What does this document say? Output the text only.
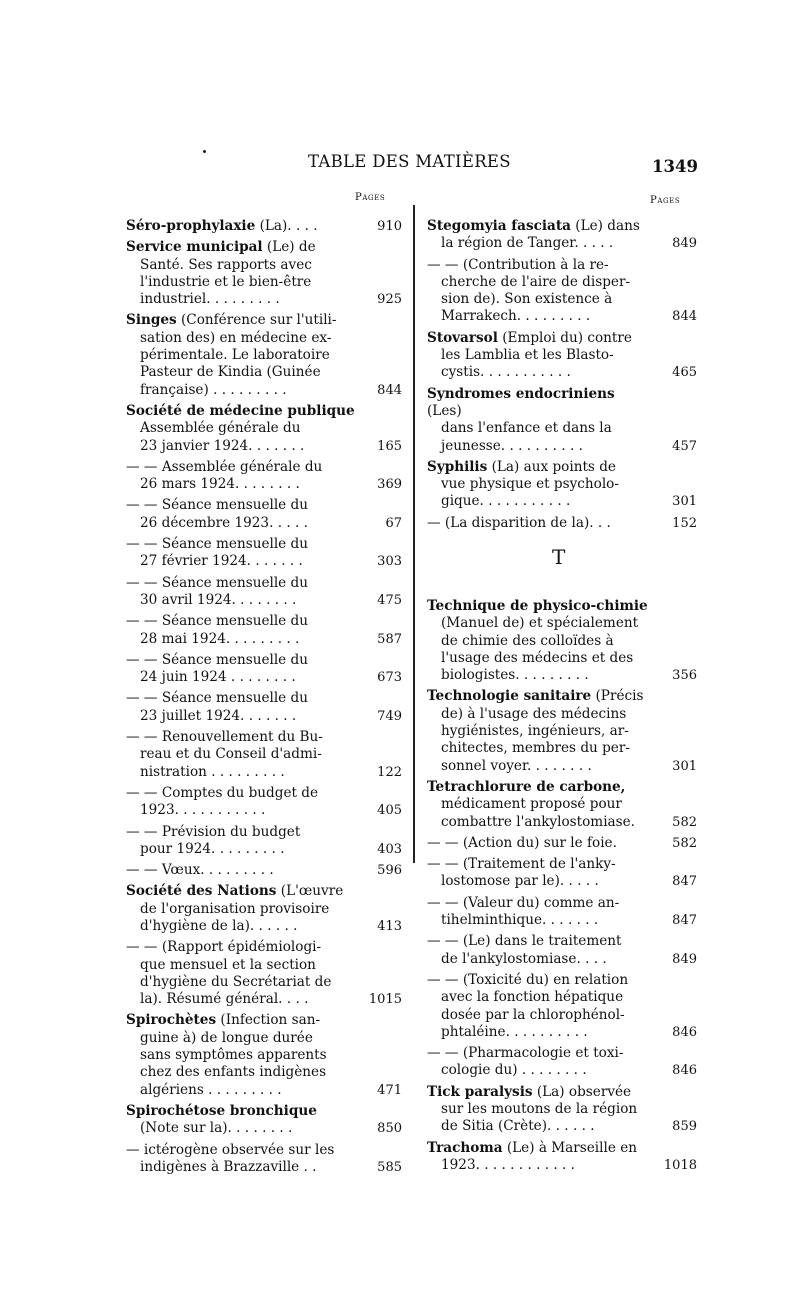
TABLE DES MATIÈRES	1349
Pages	Pages
Séro-prophylaxie (La). . . .	910
Service municipal (Le) de
Santé. Ses rapports avec
l'industrie et le bien-être
industriel. . . . . . . . .	925
Singes (Conférence sur l'utili-
sation des) en médecine ex-
périmentale. Le laboratoire
Pasteur de Kindia (Guinée
française) . . . . . . . . .	844
Société de médecine publique
Assemblée générale du
23 janvier 1924. . . . . . .	165
— — Assemblée générale du
26 mars 1924. . . . . . . .	369
— — Séance mensuelle du
26 décembre 1923. . . . .	67
— — Séance mensuelle du
27 février 1924. . . . . . .	303
— — Séance mensuelle du
30 avril 1924. . . . . . . .	475
— — Séance mensuelle du
28 mai 1924. . . . . . . . .	587
— — Séance mensuelle du
24 juin 1924 . . . . . . . .	673
— — Séance mensuelle du
23 juillet 1924. . . . . . .	749
— — Renouvellement du Bu-
reau et du Conseil d'admi-
nistration . . . . . . . . .	122
— — Comptes du budget de
1923. . . . . . . . . . .	405
— — Prévision du budget
pour 1924. . . . . . . . .	403
— — Vœux. . . . . . . . .	596
Société des Nations (L'œuvre
de l'organisation provisoire
d'hygiène de la). . . . . .	413
— — (Rapport épidémiologi-
que mensuel et la section
d'hygiène du Secrétariat de
la). Résumé général. . . .	1015
Spirochètes (Infection san-
guine à) de longue durée
sans symptômes apparents
chez des enfants indigènes
algériens . . . . . . . . .	471
Spirochétose bronchique
(Note sur la). . . . . . . .	850
— ictérogène observée sur les
indigènes à Brazzaville . .	585
Stegomyia fasciata (Le) dans
la région de Tanger. . . . .	849
— — (Contribution à la re-
cherche de l'aire de disper-
sion de). Son existence à
Marrakech. . . . . . . . .	844
Stovarsol (Emploi du) contre
les Lamblia et les Blasto-
cystis. . . . . . . . . . .	465
Syndromes endocriniens (Les)
dans l'enfance et dans la
jeunesse. . . . . . . . . .	457
Syphilis (La) aux points de
vue physique et psycholo-
gique. . . . . . . . . . .	301
— (La disparition de la). . .	152
T
Technique de physico-chimie
(Manuel de) et spécialement
de chimie des colloïdes à
l'usage des médecins et des
biologistes. . . . . . . . .	356
Technologie sanitaire (Précis
de) à l'usage des médecins
hygiénistes, ingénieurs, ar-
chitectes, membres du per-
sonnel voyer. . . . . . . .	301
Tetrachlorure de carbone,
médicament proposé pour
combattre l'ankylostomiase.	582
— — (Action du) sur le foie.	582
— — (Traitement de l'anky-
lostomose par le). . . . .	847
— — (Valeur du) comme an-
tihelminthique. . . . . . .	847
— — (Le) dans le traitement
de l'ankylostomiase. . . .	849
— — (Toxicité du) en relation
avec la fonction hépatique
dosée par la chlorophénol-
phtaléine. . . . . . . . . .	846
— — (Pharmacologie et toxi-
cologie du) . . . . . . . .	846
Tick paralysis (La) observée
sur les moutons de la région
de Sitia (Crète). . . . . .	859
Trachoma (Le) à Marseille en
1923. . . . . . . . . . . .	1018
